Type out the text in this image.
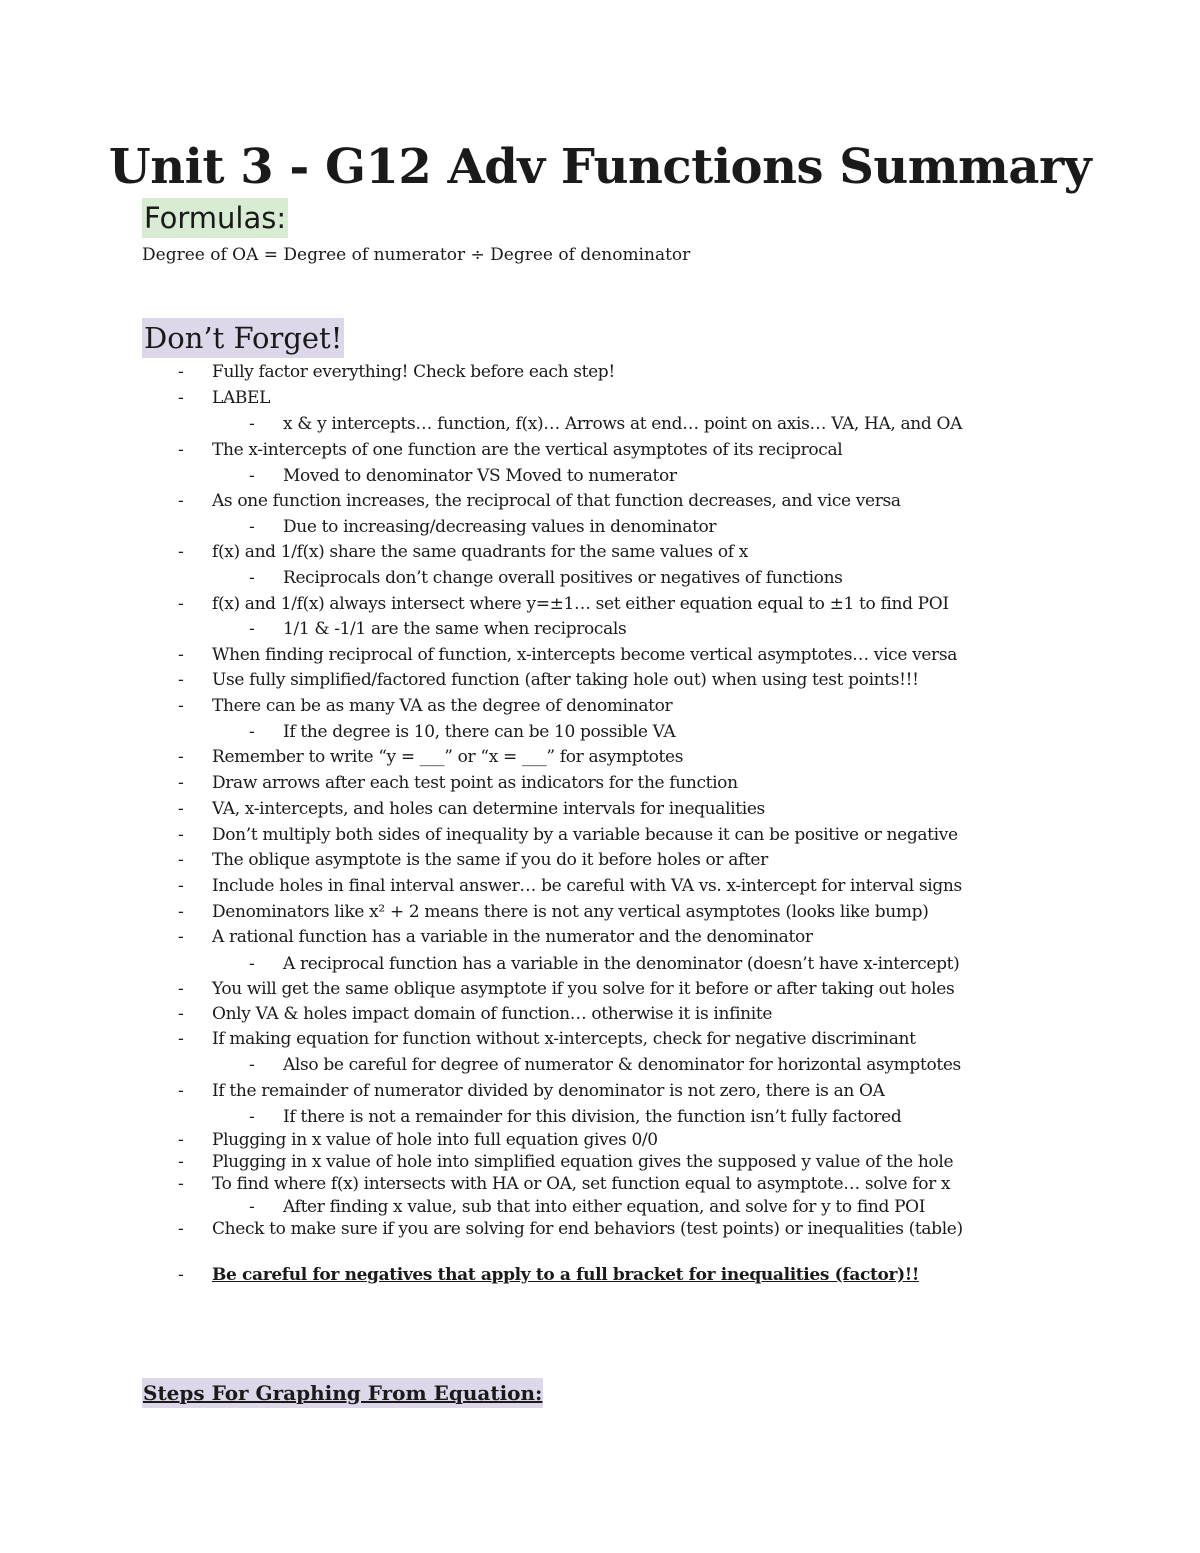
Unit 3 - G12 Adv Functions Summary
Formulas:
Degree of OA = Degree of numerator ÷ Degree of denominator
Don’t Forget!
- Fully factor everything! Check before each step!
- LABEL
- x & y intercepts… function, f(x)… Arrows at end… point on axis… VA, HA, and OA
- The x-intercepts of one function are the vertical asymptotes of its reciprocal
- Moved to denominator VS Moved to numerator
- As one function increases, the reciprocal of that function decreases, and vice versa
- Due to increasing/decreasing values in denominator
- f(x) and 1/f(x) share the same quadrants for the same values of x
- Reciprocals don’t change overall positives or negatives of functions
- f(x) and 1/f(x) always intersect where y=±1… set either equation equal to ±1 to find POI
- 1/1 & -1/1 are the same when reciprocals
- When finding reciprocal of function, x-intercepts become vertical asymptotes… vice versa
- Use fully simplified/factored function (after taking hole out) when using test points!!!
- There can be as many VA as the degree of denominator
- If the degree is 10, there can be 10 possible VA
- Remember to write “y = ___” or “x = ___” for asymptotes
- Draw arrows after each test point as indicators for the function
- VA, x-intercepts, and holes can determine intervals for inequalities
- Don’t multiply both sides of inequality by a variable because it can be positive or negative
- The oblique asymptote is the same if you do it before holes or after
- Include holes in final interval answer… be careful with VA vs. x-intercept for interval signs
- Denominators like x² + 2 means there is not any vertical asymptotes (looks like bump)
- A rational function has a variable in the numerator and the denominator
- A reciprocal function has a variable in the denominator (doesn’t have x-intercept)
- You will get the same oblique asymptote if you solve for it before or after taking out holes
- Only VA & holes impact domain of function… otherwise it is infinite
- If making equation for function without x-intercepts, check for negative discriminant
- Also be careful for degree of numerator & denominator for horizontal asymptotes
- If the remainder of numerator divided by denominator is not zero, there is an OA
- If there is not a remainder for this division, the function isn’t fully factored
- Plugging in x value of hole into full equation gives 0/0
- Plugging in x value of hole into simplified equation gives the supposed y value of the hole
- To find where f(x) intersects with HA or OA, set function equal to asymptote… solve for x
- After finding x value, sub that into either equation, and solve for y to find POI
- Check to make sure if you are solving for end behaviors (test points) or inequalities (table)
- Be careful for negatives that apply to a full bracket for inequalities (factor)!!
Steps For Graphing From Equation:
